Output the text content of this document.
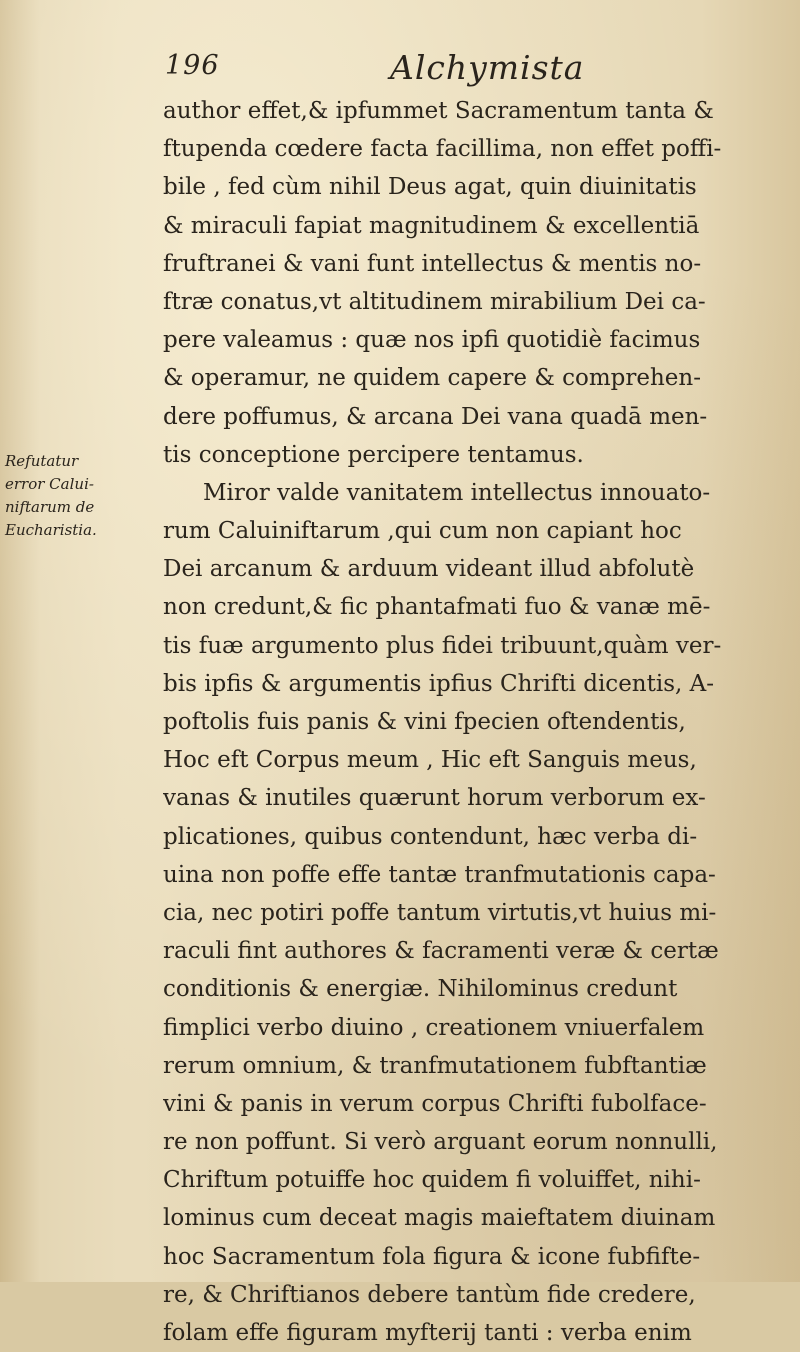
196	Alchymista
Refutatur
error Calui-
niftarum de
Eucharistia.
author effet,& ipfummet Sacramentum tanta &
ftupenda cœdere facta facillima, non effet poffi-
bile , fed cùm nihil Deus agat, quin diuinitatis
& miraculi fapiat magnitudinem & excellentiā
fruftranei & vani funt intellectus & mentis no-
ftræ conatus,vt altitudinem mirabilium Dei ca-
pere valeamus : quæ nos ipfi quotidiè facimus
& operamur, ne quidem capere & comprehen-
dere poffumus, & arcana Dei vana quadā men-
tis conceptione percipere tentamus.
Miror valde vanitatem intellectus innouato-
rum Caluiniftarum ,qui cum non capiant hoc
Dei arcanum & arduum videant illud abfolutè
non credunt,& fic phantafmati fuo & vanæ mē-
tis fuæ argumento plus fidei tribuunt,quàm ver-
bis ipfis & argumentis ipfius Chrifti dicentis, A-
poftolis fuis panis & vini fpecien oftendentis,
Hoc eft Corpus meum , Hic eft Sanguis meus,
vanas & inutiles quærunt horum verborum ex-
plicationes, quibus contendunt, hæc verba di-
uina non poffe effe tantæ tranfmutationis capa-
cia, nec potiri poffe tantum virtutis,vt huius mi-
raculi fint authores & facramenti veræ & certæ
conditionis & energiæ. Nihilominus credunt
fimplici verbo diuino , creationem vniuerfalem
rerum omnium, & tranfmutationem fubftantiæ
vini & panis in verum corpus Chrifti fubolface-
re non poffunt. Si verò arguant eorum nonnulli,
Chriftum potuiffe hoc quidem fi voluiffet, nihi-
lominus cum deceat magis maieftatem diuinam
hoc Sacramentum fola figura & icone fubfifte-
re, & Chriftianos debere tantùm fide credere,
folam effe figuram myfterij tanti : verba enim
